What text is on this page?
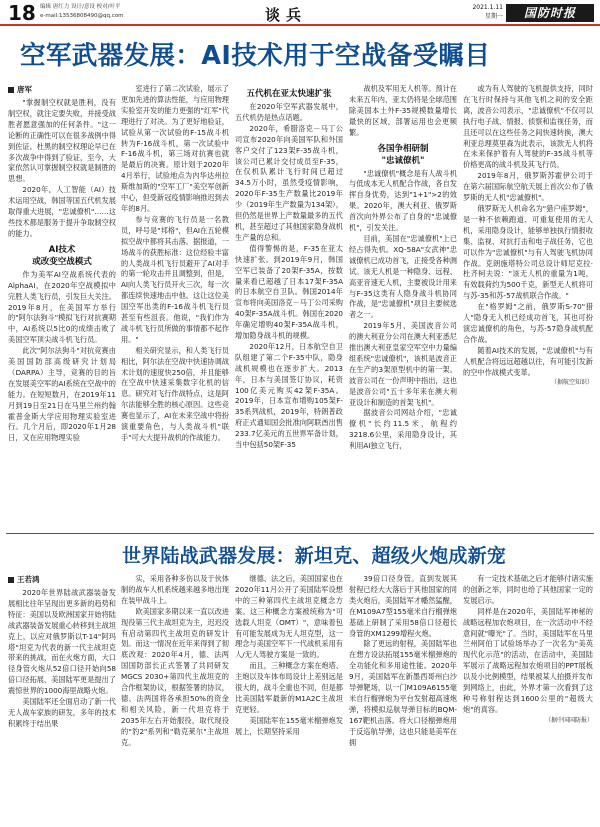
18 编辑 唐红力 设计/意设 校对/叶平
e-mail:13536808490@qq.com	谈兵	2021.1.11
星期一	国防时报
空军武器发展：AI技术用于空战备受瞩目
唐军

"掌握制空权就是胜利，没有制空权，就注定要失败，并接受战胜者愿意强加的任何条件。"这一论断的正确性可以在很多战例中得到佐证。杜黑的制空权理论早已在多次战争中得到了验证，至今，大家依然认可掌握制空权就是制胜的思想。

2020年，人工智能（AI）技术运用空战，韩国等国五代机发展取得重大进展，"忠诚僚机"……这些技术都是服务于提升争取制空权的能力。

AI技术
或改变空战模式

作为美军AI空战系统代表的AlphaAI，在2020年空战模拟中完胜人类飞行员，引发巨大关注。2019年8月，在美国军方举行的"阿尔法狗斗"模拟飞行对抗赛期中，AI系统以5比0的成绩击败了美国空军顶尖战斗机飞行员。

此次"阿尔法狗斗"对抗竞赛由美国国防部高级研究计划局（DARPA）主导，竞赛的目的旨在发展美空军的AI系统在空战中的能力。在短短数月，在2019年11月到19日至21日在马里兰州约翰霍普金斯大学应用物理实验室进行。几个月后，即2020年1月28日，又在应用物理实验

室进行了第二次试验，展示了更加先进的算法性能，与应用物理实验室开发的能力更强的"红军"代理进行了对决。为了更好地验证，试验从第一次试验的F-15战斗机转为F-16战斗机，第一次试验中F-16战斗机，第三场对抗赛也就是最后的决赛。原计划于2020年4月举行，试验地点为内华达州拉斯维加斯的"空军工厂"美空军创新中心，但受新冠疫情影响推迟到去年的8月。

参与竞赛的飞行员是一名教员，呼号是"邦格"，但AI在五轮模拟空战中都将其击落。据报道，一场战斗的获胜标准：这位经验丰富的人类战斗机飞行员避开了AI对手的第一轮攻击并且调整到，但是，AI向人类飞行员开火三次，每一次都连续快速地击中他。这让这位美国空军出类的F-16战斗机飞行员甚至有些沮丧。他说，"我们作为战斗机飞行员所做的事情都不起作用。"

相关研究显示，和人类飞行员相比，阿尔法在空战中快速协调战术计划的速度快250倍，并且能够在空战中快速采集数字化机的信息。研究对飞行作战特点，这是阿尔法能够全胜的核心原因。这些竞赛也显示了，AI在未来空战中将扮演重要角色，与人类战斗机"联手"可大大提升战机的作战能力。

五代机在亚太快速扩张

在2020年空军武器发展中，五代机仍是热点话题。

2020年，希腊洛克－马丁公司宣布2020年向美国军队和外国客户交付了123架F-35战斗机，该公司已累计交付成员至F-35，在仅机队累计飞行时间已超过34.5万小时，虽然受疫情影响，2020年F-35生产数量比2019年少（2019年生产数量为134架），但仍然是世界上产数量最多的五代机，甚至超过了其他国家隐身战机生产量的总和。

值得警惕的是，F-35在亚太快速扩张。到2019年9月，韩国空军已装备了20架F-35A，按数量来看已超越了日本17架F-35A的日本航空自卫队。韩国2014年宣布将向美国洛克－马丁公司采购40架F-35A战斗机。韩国在2020年确定增购40架F-35A战斗机，增加隐身战斗机的规模。

2020年12月，日本航空自卫队组建了第二个F-35中队，隐身战机规模也在逐步扩大。2013年，日本与美国签订协议，耗资100亿美元购买42架F-35A。2019年，日本宣布增购105架F-35系列战机，2019年，特朗普政府正式通知国会批准向阿联酋出售233.7亿美元的五世界军备计划，当中包括50架F-35

战机及军用无人机等。预计在未来五年内，亚太仍将是全球范围除美国本土外F-35规模数量增长最快的区域，部署运用也会更频繁。

各国争相研制
"忠诚僚机"

"忠诚僚机"概念是有人战斗机与低成本无人机配合作战，各自发挥自身优势，达到"1+1">2的效果。2020年，澳大利亚、俄罗斯首次向外界公布了自身的"忠诚僚机"，引发关注。

目前，美国在"忠诚僚机"上已经占得先机。XQ-58A"女武神"忠诚僚机已成功首飞，正接受各种测试。该无人机是一种隐身、远程、高亚音速无人机，主要被设计用来与F-35这类有人隐身战斗机协同作战，是"忠诚僚机"项目主要候选者之一。

2019年5月，美国波音公司的澳大利亚分公司在澳大利亚悉尼推出澳大利亚皇家空军空中力量编组系统"忠诚僚机"，该机是波音正在生产的3架原型机中的第一架。波音公司在一份声明中指出，这也是波音公司"五十多年来在澳大利亚设计和制造的首架飞机"。

据波音公司网站介绍，"忠诚僚机"长约11.5米，航程约3218.6公里，采用隐身设计，其利用AI独立飞行，

或为有人驾驶的飞机提供支持，同时在飞行时保持与其他飞机之间的安全距离，波音公司表示，"忠诚僚机"不仅可以执行电子战、情报、侦察和监视任务，而且还可以在这些任务之间快速转换，澳大利亚总理莫里森为此表示，该款无人机将在未来保护着有人驾驶的F-35战斗机等价格更高的战斗机及其飞行员。

2019年8月，俄罗斯苏霍伊公司于在第六届国际航空航天展上首次公布了俄罗斯的无人机"忠诚僚机"。

俄罗斯无人机命名为"猎户座罗姆"，是一种不依赖跑道、可重复使用的无人机，采用隐身设计，能够单独执行情报收集、监视、对抗打击和电子战任务，它也可以作为"忠诚僚机"与有人驾驶飞机协同作战。克朗施塔特公司总设计师尼克拉·杜齐柯夫说："该无人机的重量为1吨，有效载荷约为500千克，新型无人机将可与苏-35和苏-57战机联合作战。"

在"格罗姆"之前，俄罗斯S-70"猎人"隐身无人机已经成功首飞，其也可扮演忠诚僚机的角色，与苏-57隐身战机配合作战。

随着AI技术的发展，"忠诚僚机"与有人机配合将远远超越以往，有可能引发新的空中作战模式变革。

（据航空知识）

世界陆战武器发展：新坦克、超级火炮成新宠
王若鸿

2020年世界陆战武器装备发展相比往年呈现出更多新的趋势和特征：美国以及欧洲国家开始将陆战武器装备发展重心转移到主战坦克上，以应对俄罗斯以T-14"阿玛塔"坦克为代表的新一代主战坦克带来的挑战，而在火炮方面，大口径身管火炮从52倍口径开始向58倍口径拓展，美国陆军更是提出了震惊世界的1000海里战略火炮。

美国陆军还全面启动了新一代无人战车家族的研发，多年的技术积累终于结出果

实，采用各种多伤以及于伙体制的战车人机系统越来越多地出现在装甲战斗上。

欧美国家多期以来一直以改进现役第三代主战坦克为主，迟迟没有启动第四代主战坦克的研发计划。而这一情况在近年来得到了彻底改观：2020年4月，德、法两国国防部长正式签署了共同研发MGCS 2030+第四代主战坦克的合作框架协议，根据签署的协议，德、法两国将各承担50%的资金和相关风险，新一代坦克将于2035年左右开始服役，取代现役的"豹2"系列和"勒克莱尔"主战坦克。

继德、法之后，美国国家也在2020年11月公开了美国陆军设想中的三种第四代主战坦克概念方案。这三种概念方案被统称为"可选载人坦克（OMT）"，意味着包有可能发展成为无人坦克型，这一理念与美国空军下一代战机采用有人/无人驾驶方案是一致的。

而且，三种概念方案在炮塔、主炮以及车体布局设计上差别远是很大的，战斗全重也不同，但是都比美国陆军最新的M1A2C主战坦克更轻。

美国陆军在155毫米榴弹炮发展上，长期坚持采用

39倍口径身管。直到发展其射程已经大大落后于其他国家的同类火炮后，美国陆军才幡然猛醒，在M109A7型155毫米自行榴弹炮基础上研制了采用58倍口径超长身管的XM1299增程火炮。

除了更远的射程，美国陆军也在想方设法拓展155毫米榴弹炮的全功能化和多用途性能。2020年9月，美国陆军在新墨西哥州白沙导弹靶场，以一门M109A6155毫米自行榴弹炮为平台发射超高速炮弹，将模拟巡航导弹目标的BQM-167靶机击落。将大口径榴弹炮用于反巡航导弹，这也只能是美军在拥

有一定技术基础之后才能够付诸实施的创新之举，同时也给了其他国家一定的发展启示。

同样是在2020年，美国陆军神秘的战略远程加农炮项目，在一次活动中不经意间就"曝光"了。当时，美国陆军在马里兰州阿伯丁试验场举办了一次名为"美英现代化示范"的活动，在活动中，美国陆军展示了战略远程加农炮项目的PPT展板以及小比例模型，结果被某人拍摄并发布到网络上，由此，外界才第一次看到了这种号称射程达到1600公里的"超级大炮"的真容。

（据中国国防报）
